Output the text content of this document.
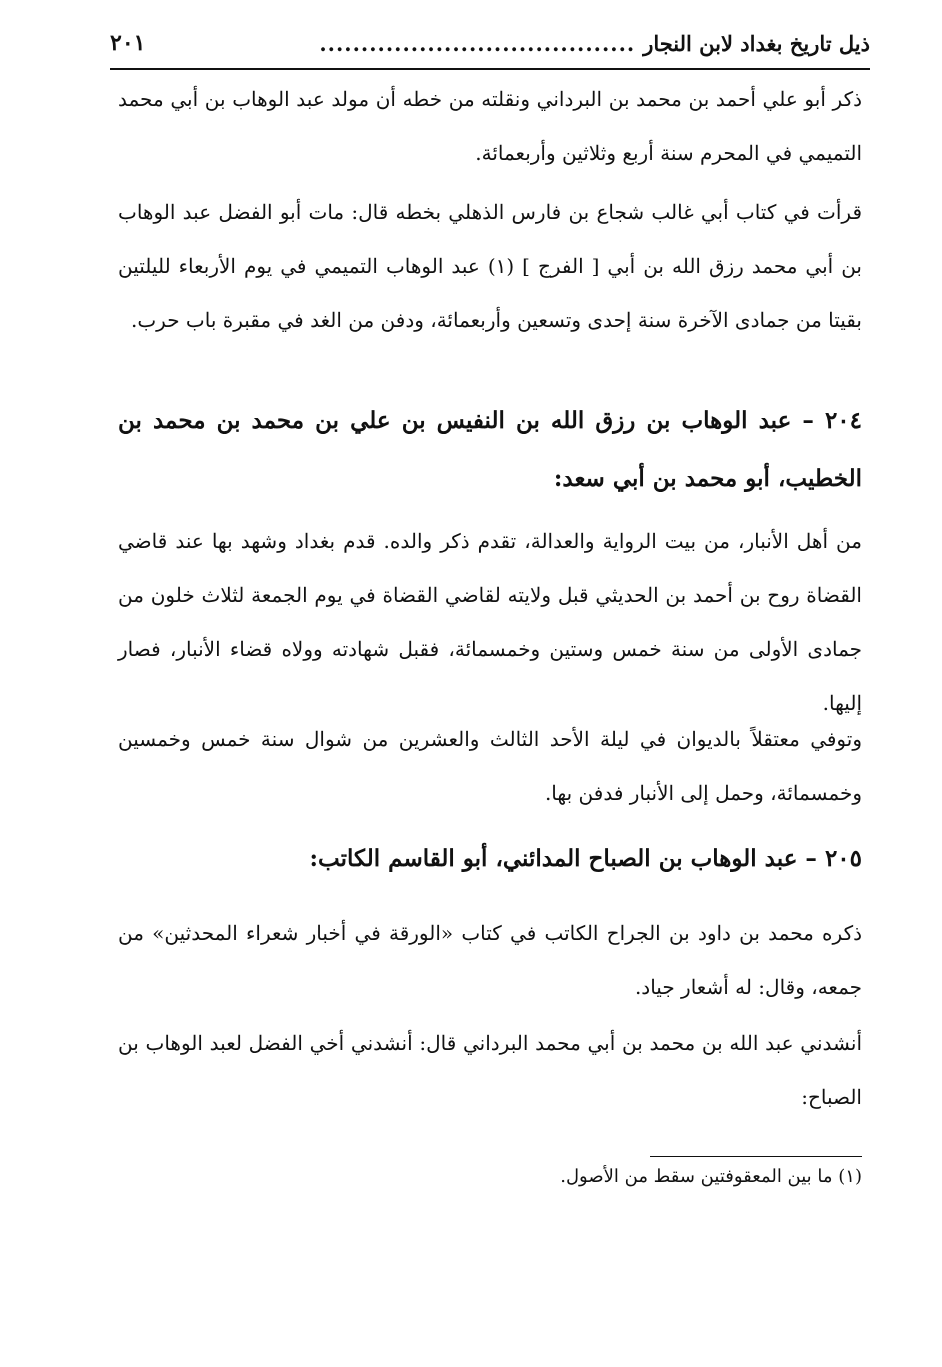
ذيل تاريخ بغداد لابن النجار
......................................
٢٠١

ذكر أبو علي أحمد بن محمد بن البرداني ونقلته من خطه أن مولد عبد الوهاب بن أبي محمد التميمي في المحرم سنة أربع وثلاثين وأربعمائة.

قرأت في كتاب أبي غالب شجاع بن فارس الذهلي بخطه قال: مات أبو الفضل عبد الوهاب بن أبي محمد رزق الله بن أبي [ الفرج ] (١) عبد الوهاب التميمي في يوم الأربعاء لليلتين بقيتا من جمادى الآخرة سنة إحدى وتسعين وأربعمائة، ودفن من الغد في مقبرة باب حرب.

٢٠٤ – عبد الوهاب بن رزق الله بن النفيس بن علي بن محمد بن محمد بن الخطيب، أبو محمد بن أبي سعد:

من أهل الأنبار، من بيت الرواية والعدالة، تقدم ذكر والده. قدم بغداد وشهد بها عند قاضي القضاة روح بن أحمد بن الحديثي قبل ولايته لقاضي القضاة في يوم الجمعة لثلاث خلون من جمادى الأولى من سنة خمس وستين وخمسمائة، فقبل شهادته وولاه قضاء الأنبار، فصار إليها.

وتوفي معتقلاً بالديوان في ليلة الأحد الثالث والعشرين من شوال سنة خمس وخمسين وخمسمائة، وحمل إلى الأنبار فدفن بها.

٢٠٥ – عبد الوهاب بن الصباح المدائني، أبو القاسم الكاتب:

ذكره محمد بن داود بن الجراح الكاتب في كتاب «الورقة في أخبار شعراء المحدثين» من جمعه، وقال: له أشعار جياد.

أنشدني عبد الله بن محمد بن أبي محمد البرداني قال: أنشدني أخي الفضل لعبد الوهاب بن الصباح:

(١) ما بين المعقوفتين سقط من الأصول.
